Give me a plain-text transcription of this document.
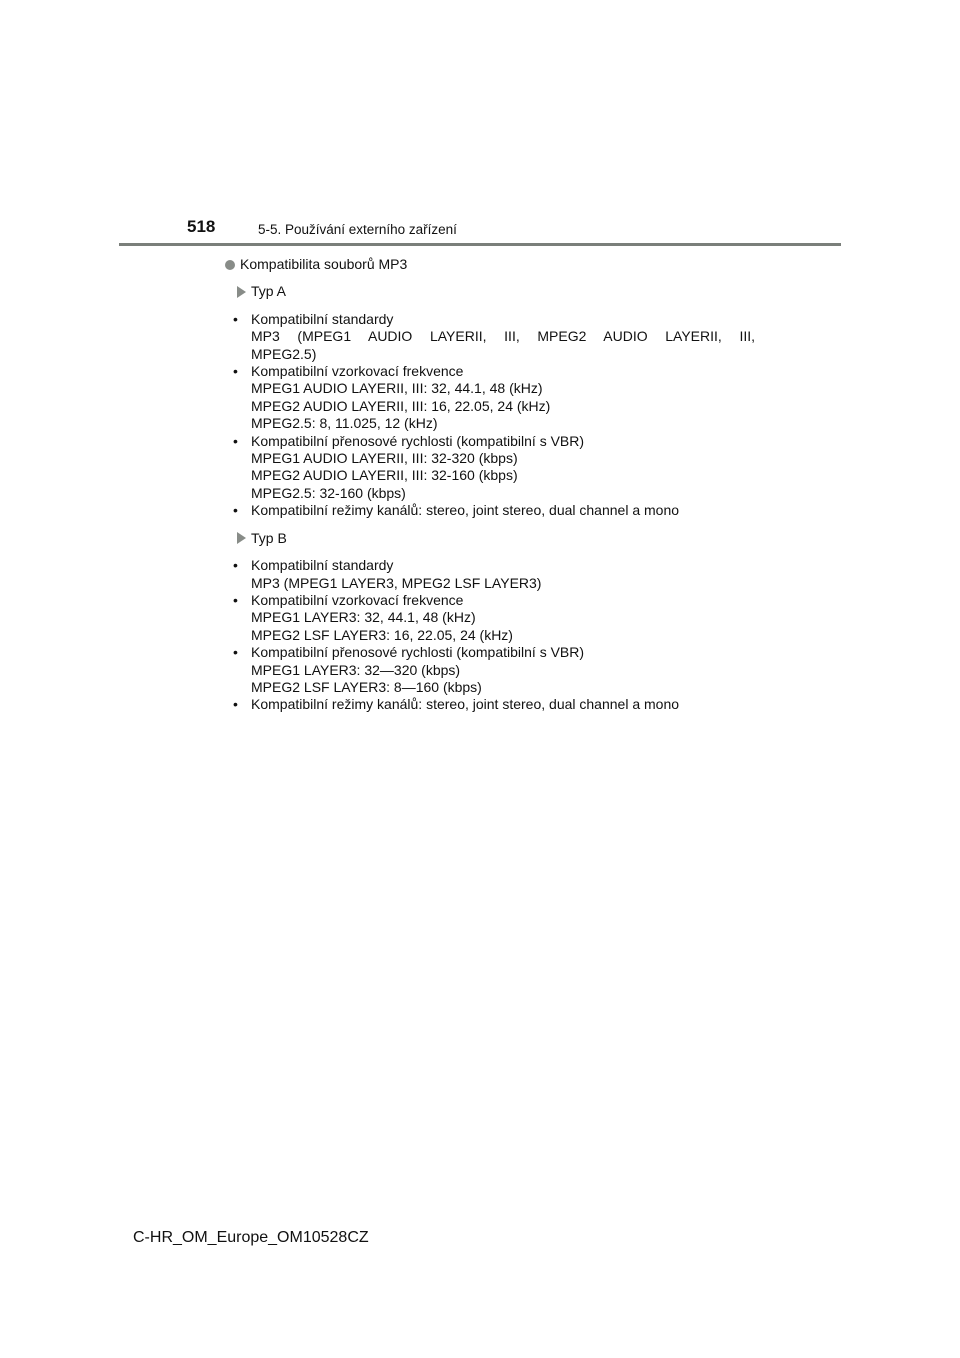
518	5-5. Používání externího zařízení
Kompatibilita souborů MP3
Typ A
• Kompatibilní standardy
MP3 (MPEG1 AUDIO LAYERII, III, MPEG2 AUDIO LAYERII, III,
MPEG2.5)
• Kompatibilní vzorkovací frekvence
MPEG1 AUDIO LAYERII, III: 32, 44.1, 48 (kHz)
MPEG2 AUDIO LAYERII, III: 16, 22.05, 24 (kHz)
MPEG2.5: 8, 11.025, 12 (kHz)
• Kompatibilní přenosové rychlosti (kompatibilní s VBR)
MPEG1 AUDIO LAYERII, III: 32-320 (kbps)
MPEG2 AUDIO LAYERII, III: 32-160 (kbps)
MPEG2.5: 32-160 (kbps)
• Kompatibilní režimy kanálů: stereo, joint stereo, dual channel a mono
Typ B
• Kompatibilní standardy
MP3 (MPEG1 LAYER3, MPEG2 LSF LAYER3)
• Kompatibilní vzorkovací frekvence
MPEG1 LAYER3: 32, 44.1, 48 (kHz)
MPEG2 LSF LAYER3: 16, 22.05, 24 (kHz)
• Kompatibilní přenosové rychlosti (kompatibilní s VBR)
MPEG1 LAYER3: 32—320 (kbps)
MPEG2 LSF LAYER3: 8—160 (kbps)
• Kompatibilní režimy kanálů: stereo, joint stereo, dual channel a mono
C-HR_OM_Europe_OM10528CZ
